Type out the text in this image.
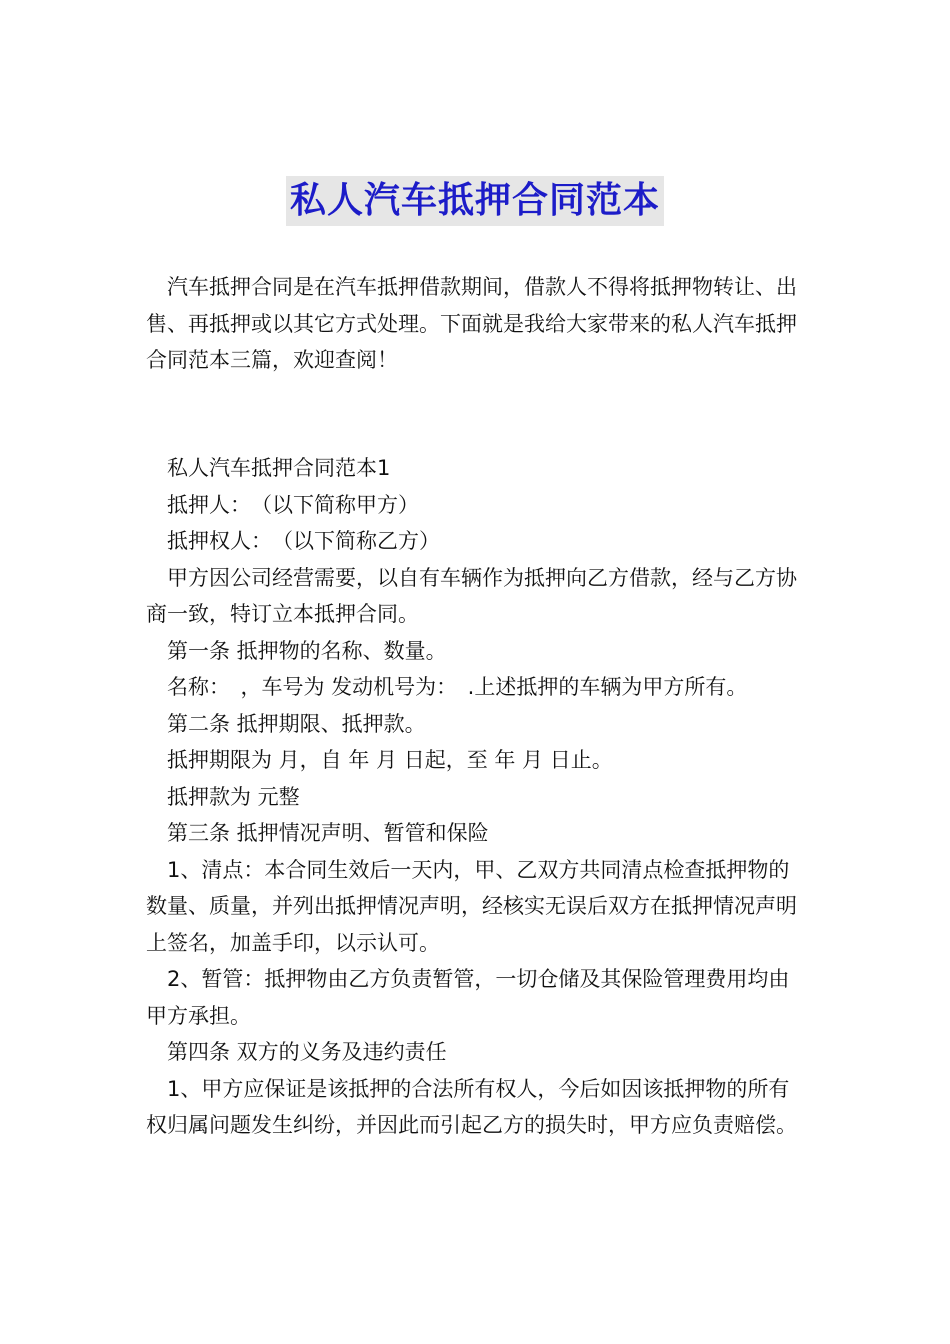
私人汽车抵押合同范本

汽车抵押合同是在汽车抵押借款期间，借款人不得将抵押物转让、出售、再抵押或以其它方式处理。下面就是我给大家带来的私人汽车抵押合同范本三篇，欢迎查阅！

私人汽车抵押合同范本1

抵押人：　（以下简称甲方）

抵押权人：　（以下简称乙方）

甲方因公司经营需要，以自有车辆作为抵押向乙方借款，经与乙方协商一致，特订立本抵押合同。

第一条 抵押物的名称、数量。

名称：　，车号为 发动机号为：　.上述抵押的车辆为甲方所有。

第二条 抵押期限、抵押款。

抵押期限为 月，自 年 月 日起，至 年 月 日止。

抵押款为 元整

第三条 抵押情况声明、暂管和保险

1、清点：本合同生效后一天内，甲、乙双方共同清点检查抵押物的数量、质量，并列出抵押情况声明，经核实无误后双方在抵押情况声明上签名，加盖手印，以示认可。

2、暂管：抵押物由乙方负责暂管，一切仓储及其保险管理费用均由甲方承担。

第四条 双方的义务及违约责任

1、甲方应保证是该抵押的合法所有权人，今后如因该抵押物的所有权归属问题发生纠纷，并因此而引起乙方的损失时，甲方应负责赔偿。
